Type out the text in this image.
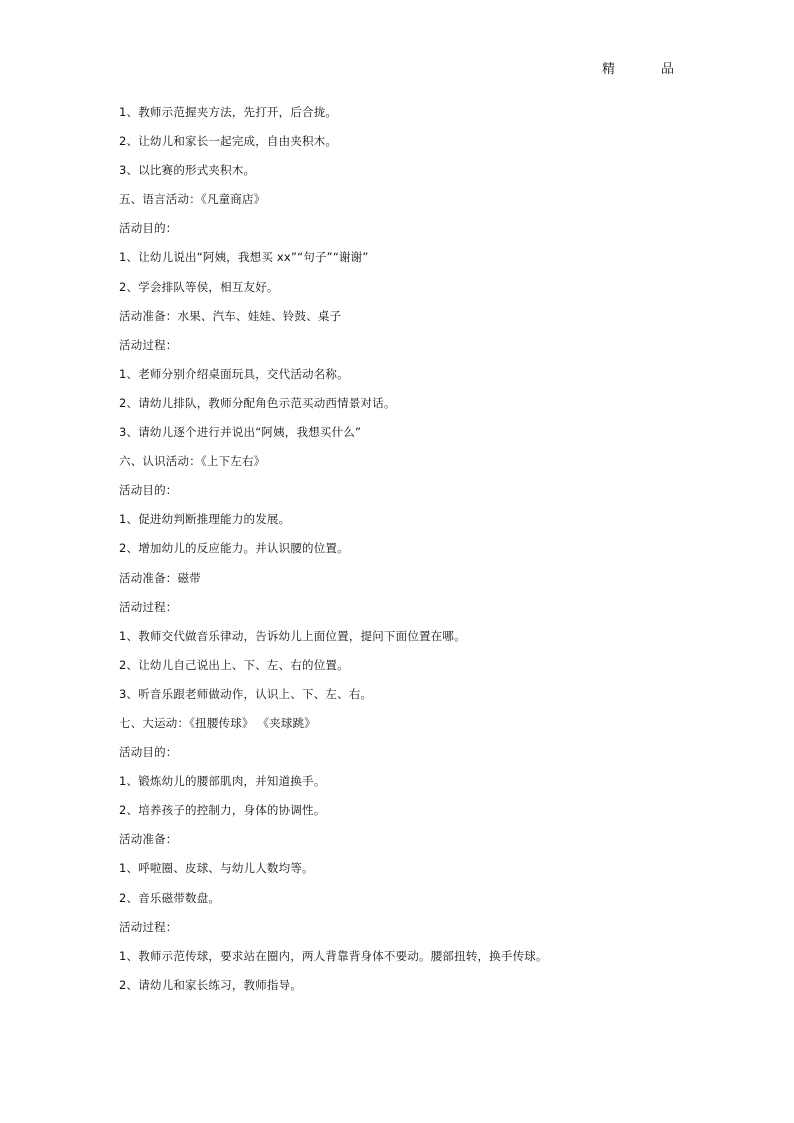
精	品
1、教师示范握夹方法，先打开，后合拢。
2、让幼儿和家长一起完成，自由夹积木。
3、以比赛的形式夹积木。
五、语言活动：《凡童商店》
活动目的：
1、让幼儿说出“阿姨，我想买 xx”“句子”“谢谢”
2、学会排队等侯，相互友好。
活动准备：水果、汽车、娃娃、铃鼓、桌子
活动过程：
1、老师分别介绍桌面玩具，交代活动名称。
2、请幼儿排队，教师分配角色示范买动西情景对话。
3、请幼儿逐个进行并说出“阿姨，我想买什么”
六、认识活动：《上下左右》
活动目的：
1、促进幼判断推理能力的发展。
2、增加幼儿的反应能力。并认识腰的位置。
活动准备：磁带
活动过程：
1、教师交代做音乐律动，告诉幼儿上面位置，提问下面位置在哪。
2、让幼儿自己说出上、下、左、右的位置。
3、听音乐跟老师做动作，认识上、下、左、右。
七、大运动：《扭腰传球》 《夹球跳》
活动目的：
1、锻炼幼儿的腰部肌肉，并知道换手。
2、培养孩子的控制力，身体的协调性。
活动准备：
1、呼啦圈、皮球、与幼儿人数均等。
2、音乐磁带数盘。
活动过程：
1、教师示范传球，要求站在圈内，两人背靠背身体不要动。腰部扭转，换手传球。
2、请幼儿和家长练习，教师指导。
